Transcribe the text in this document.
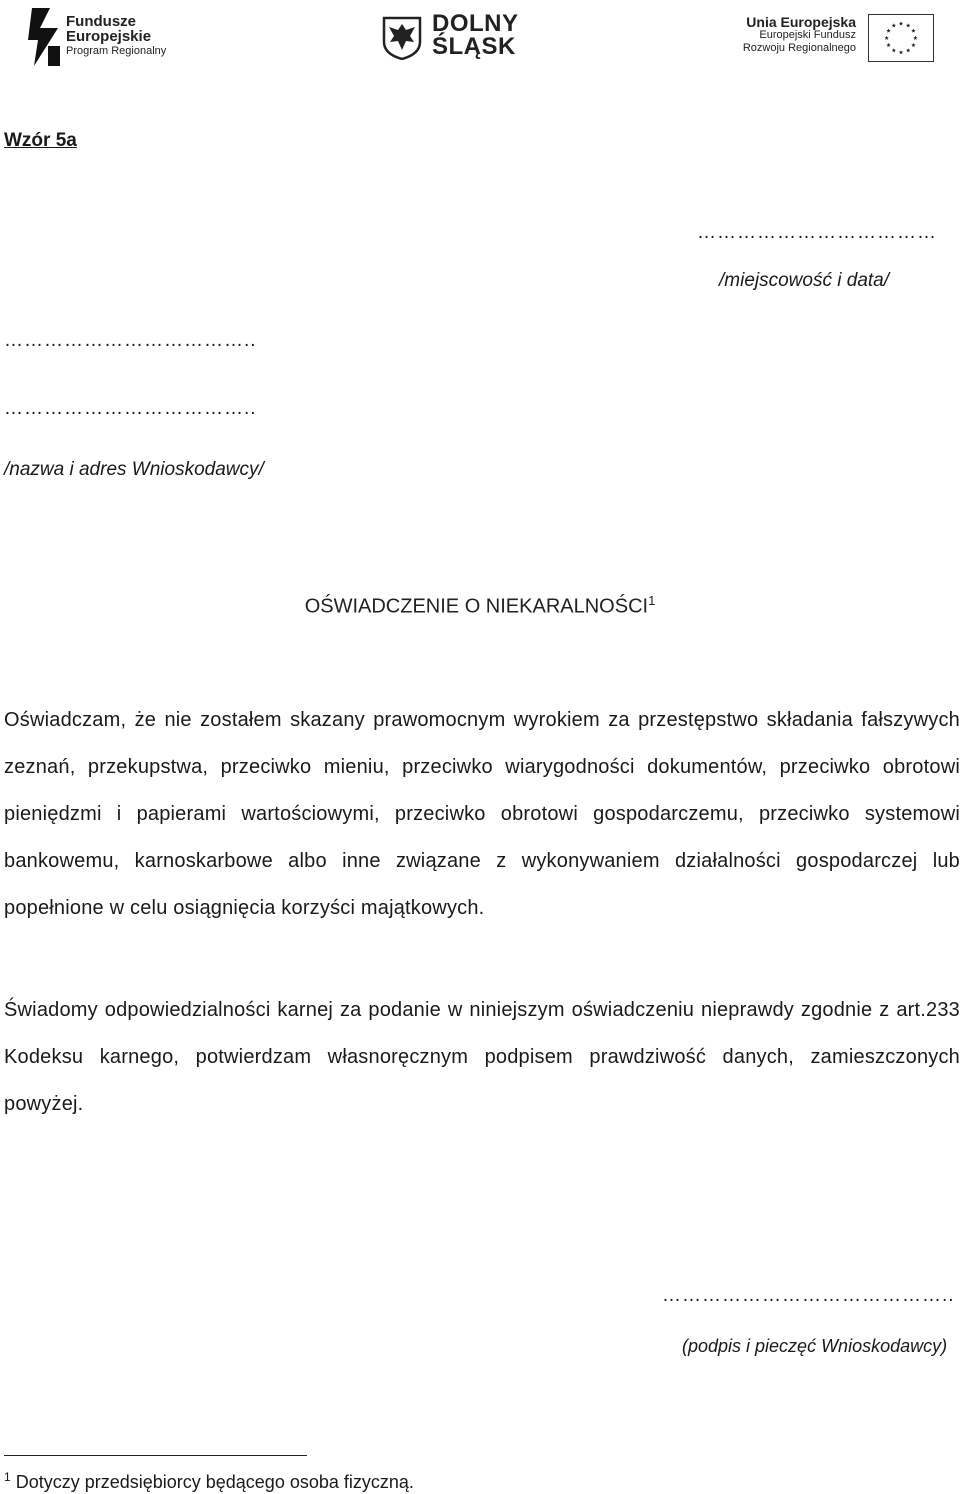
Fundusze
Europejskie
Program Regionalny
DOLNY
ŚLĄSK
Unia Europejska
Europejski Fundusz
Rozwoju Regionalnego
Wzór 5a
………………………………
/miejscowość i data/
………………………………..
………………………………..
/nazwa i adres Wnioskodawcy/
OŚWIADCZENIE O NIEKARALNOŚCI$^1$
Oświadczam, że nie zostałem skazany prawomocnym wyrokiem za przestępstwo składania fałszywych zeznań, przekupstwa, przeciwko mieniu, przeciwko wiarygodności dokumentów, przeciwko obrotowi pieniędzmi i papierami wartościowymi, przeciwko obrotowi gospodarczemu, przeciwko systemowi bankowemu, karnoskarbowe albo inne związane z wykonywaniem działalności gospodarczej lub popełnione w celu osiągnięcia korzyści majątkowych.
Świadomy odpowiedzialności karnej za podanie w niniejszym oświadczeniu nieprawdy zgodnie z art.233 Kodeksu karnego, potwierdzam własnoręcznym podpisem prawdziwość danych, zamieszczonych powyżej.
……………………………………..
(podpis i pieczęć Wnioskodawcy)
$^1$ Dotyczy przedsiębiorcy będącego osoba fizyczną.
